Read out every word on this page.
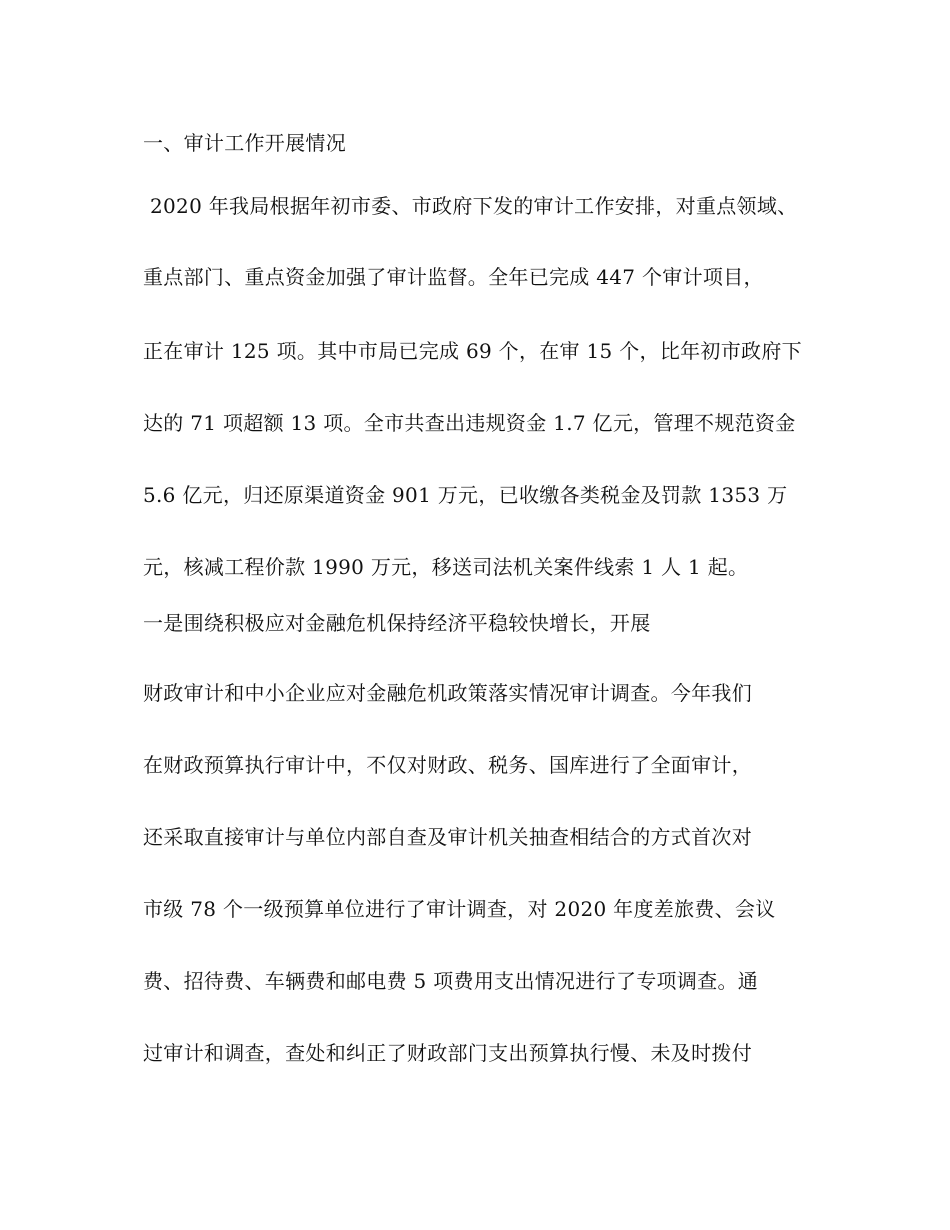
一、审计工作开展情况
2020 年我局根据年初市委、市政府下发的审计工作安排，对重点领域、
重点部门、重点资金加强了审计监督。全年已完成 447 个审计项目，
正在审计 125 项。其中市局已完成 69 个，在审 15 个，比年初市政府下
达的 71 项超额 13 项。全市共查出违规资金 1.7 亿元，管理不规范资金
5.6 亿元，归还原渠道资金 901 万元，已收缴各类税金及罚款 1353 万
元，核减工程价款 1990 万元，移送司法机关案件线索 1 人 1 起。
一是围绕积极应对金融危机保持经济平稳较快增长，开展
财政审计和中小企业应对金融危机政策落实情况审计调查。今年我们
在财政预算执行审计中，不仅对财政、税务、国库进行了全面审计，
还采取直接审计与单位内部自查及审计机关抽查相结合的方式首次对
市级 78 个一级预算单位进行了审计调查，对 2020 年度差旅费、会议
费、招待费、车辆费和邮电费 5 项费用支出情况进行了专项调查。通
过审计和调查，查处和纠正了财政部门支出预算执行慢、未及时拨付
